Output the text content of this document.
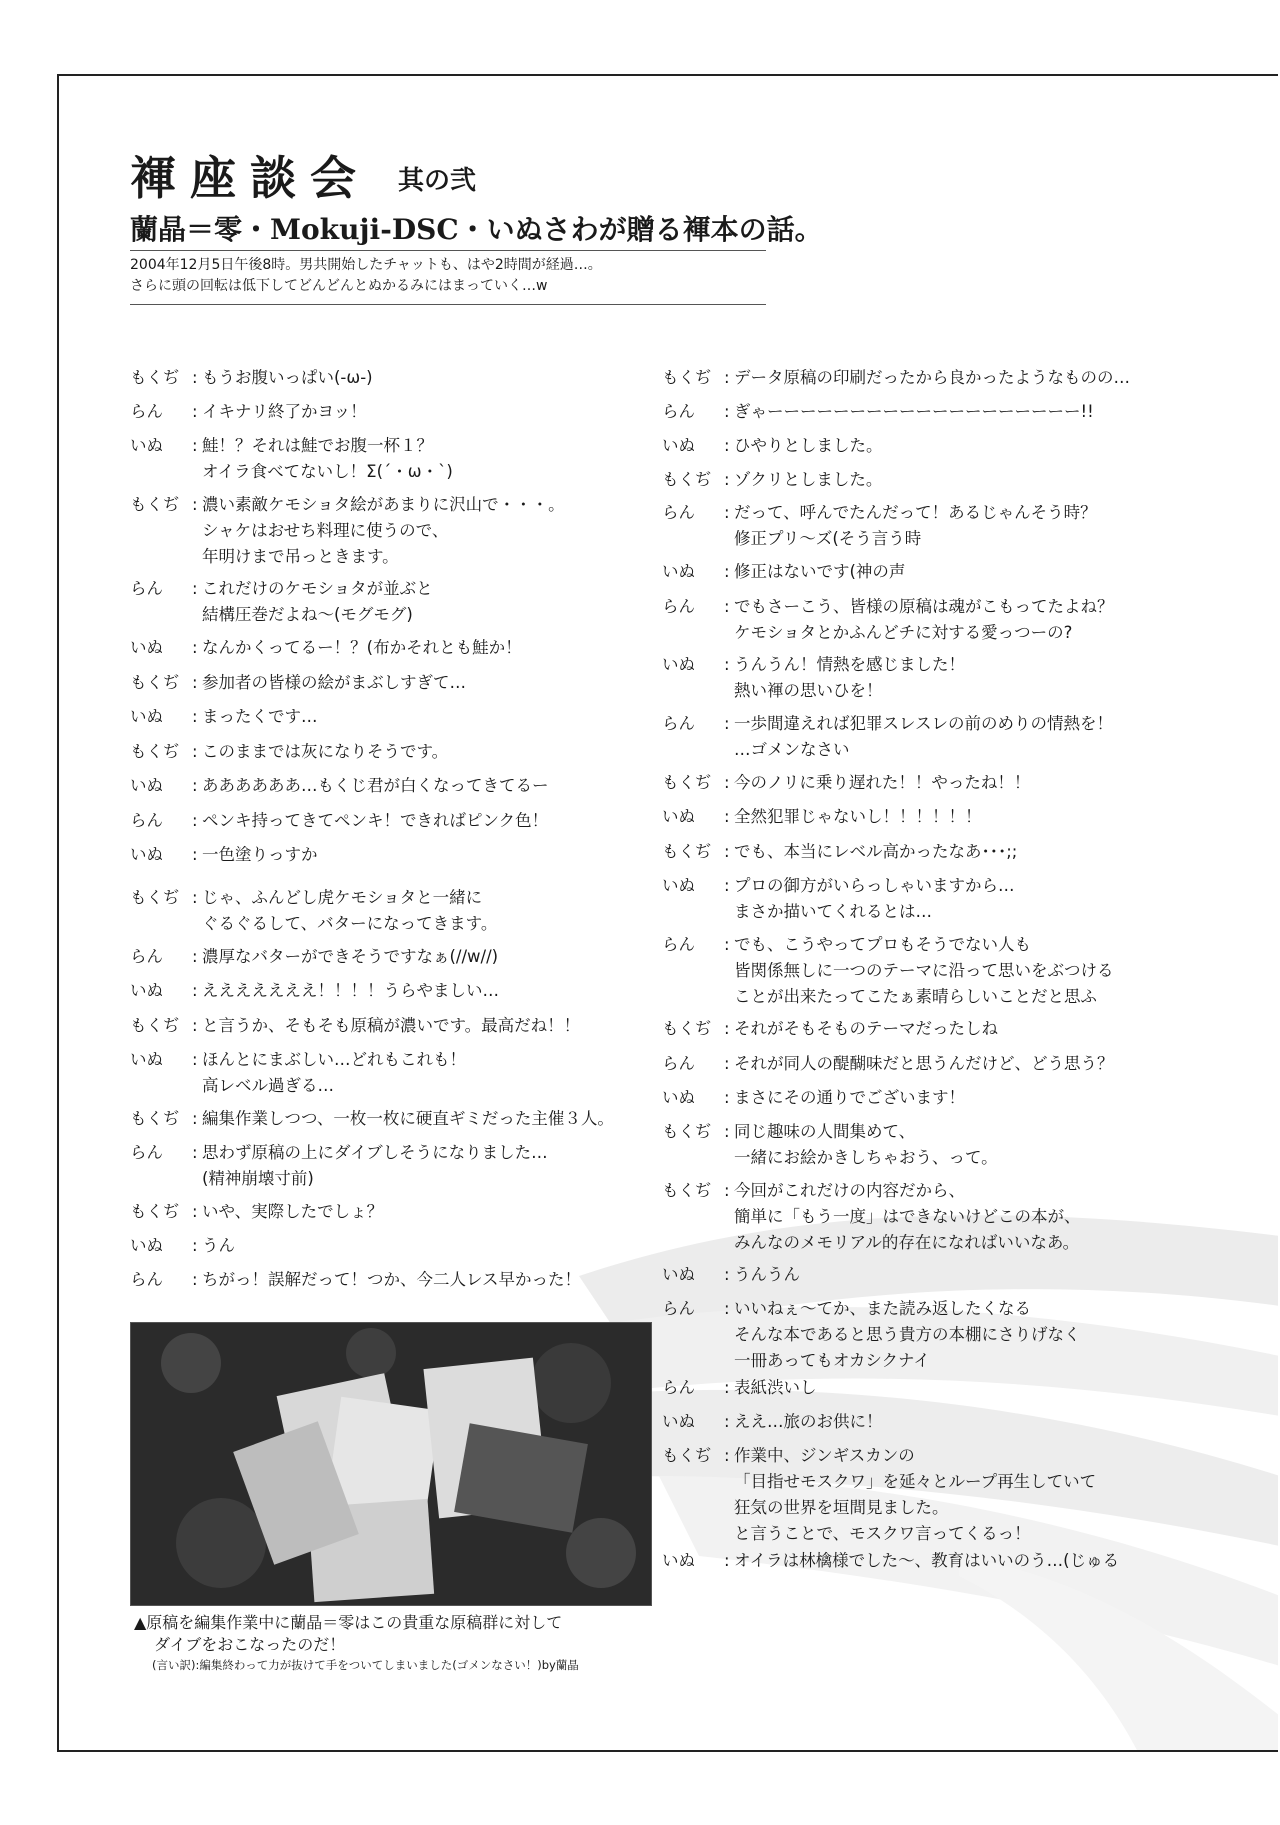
褌座談会 其の弐
蘭晶＝零・Mokuji-DSC・いぬさわが贈る褌本の話。
2004年12月5日午後8時。男共開始したチャットも、はや2時間が経過…。
さらに頭の回転は低下してどんどんとぬかるみにはまっていく…w
もくぢ : もうお腹いっぱい(-ω-)
らん	: イキナリ終了かヨッ！
いぬ	: 鮭！？それは鮭でお腹一杯１？
オイラ食べてないし！Σ(´・ω・`)
もくぢ : 濃い素敵ケモショタ絵があまりに沢山で・・・。
シャケはおせち料理に使うので、
年明けまで吊っときます。
らん	: これだけのケモショタが並ぶと
結構圧巻だよね～(モグモグ)
いぬ	: なんかくってるー！？(布かそれとも鮭か！
もくぢ : 参加者の皆様の絵がまぶしすぎて…
いぬ	: まったくです…
もくぢ : このままでは灰になりそうです。
いぬ	: ああああああ…もくじ君が白くなってきてるー
らん	: ペンキ持ってきてペンキ！できればピンク色！
いぬ	: 一色塗りっすか
もくぢ : じゃ、ふんどし虎ケモショタと一緒に
ぐるぐるして、バターになってきます。
らん	: 濃厚なバターができそうですなぁ(//w//)
いぬ	: えええええええ！！！！うらやましい…
もくぢ : と言うか、そもそも原稿が濃いです。最高だね！！
いぬ	: ほんとにまぶしい…どれもこれも！
高レベル過ぎる…
もくぢ : 編集作業しつつ、一枚一枚に硬直ギミだった主催３人。
らん	: 思わず原稿の上にダイブしそうになりました…
(精神崩壊寸前)
もくぢ : いや、実際したでしょ？
いぬ	: うん
らん	: ちがっ！誤解だって！つか、今二人レス早かった！
もくぢ : データ原稿の印刷だったから良かったようなものの…
らん	: ぎゃーーーーーーーーーーーーーーーーーーー!!
いぬ	: ひやりとしました。
もくぢ : ゾクリとしました。
らん	: だって、呼んでたんだって！あるじゃんそう時？
修正プリ～ズ(そう言う時
いぬ	: 修正はないです(神の声
らん	: でもさーこう、皆様の原稿は魂がこもってたよね？
ケモショタとかふんどチに対する愛っつーの?
いぬ	: うんうん！情熱を感じました！
熱い褌の思いひを！
らん	: 一歩間違えれば犯罪スレスレの前のめりの情熱を！
…ゴメンなさい
もくぢ : 今のノリに乗り遅れた！！やったね！！
いぬ	: 全然犯罪じゃないし！！！！！！
もくぢ : でも、本当にレベル高かったなあ･･･;;
いぬ	: プロの御方がいらっしゃいますから…
まさか描いてくれるとは…
らん	: でも、こうやってプロもそうでない人も
皆関係無しに一つのテーマに沿って思いをぶつける
ことが出来たってこたぁ素晴らしいことだと思ふ
もくぢ : それがそもそものテーマだったしね
らん	: それが同人の醍醐味だと思うんだけど、どう思う？
いぬ	: まさにその通りでございます！
もくぢ : 同じ趣味の人間集めて、
一緒にお絵かきしちゃおう、って。
もくぢ : 今回がこれだけの内容だから、
簡単に「もう一度」はできないけどこの本が、
みんなのメモリアル的存在になればいいなあ。
いぬ	: うんうん
らん	: いいねぇ～てか、また読み返したくなる
そんな本であると思う貴方の本棚にさりげなく
一冊あってもオカシクナイ
らん	: 表紙渋いし
いぬ	: ええ…旅のお供に！
もくぢ : 作業中、ジンギスカンの
「目指せモスクワ」を延々とループ再生していて
狂気の世界を垣間見ました。
と言うことで、モスクワ言ってくるっ！
いぬ	: オイラは林檎様でした～、教育はいいのう…(じゅる
▲原稿を編集作業中に蘭晶＝零はこの貴重な原稿群に対して
ダイブをおこなったのだ！
(言い訳):編集終わって力が抜けて手をついてしまいました(ゴメンなさい！)by蘭晶
